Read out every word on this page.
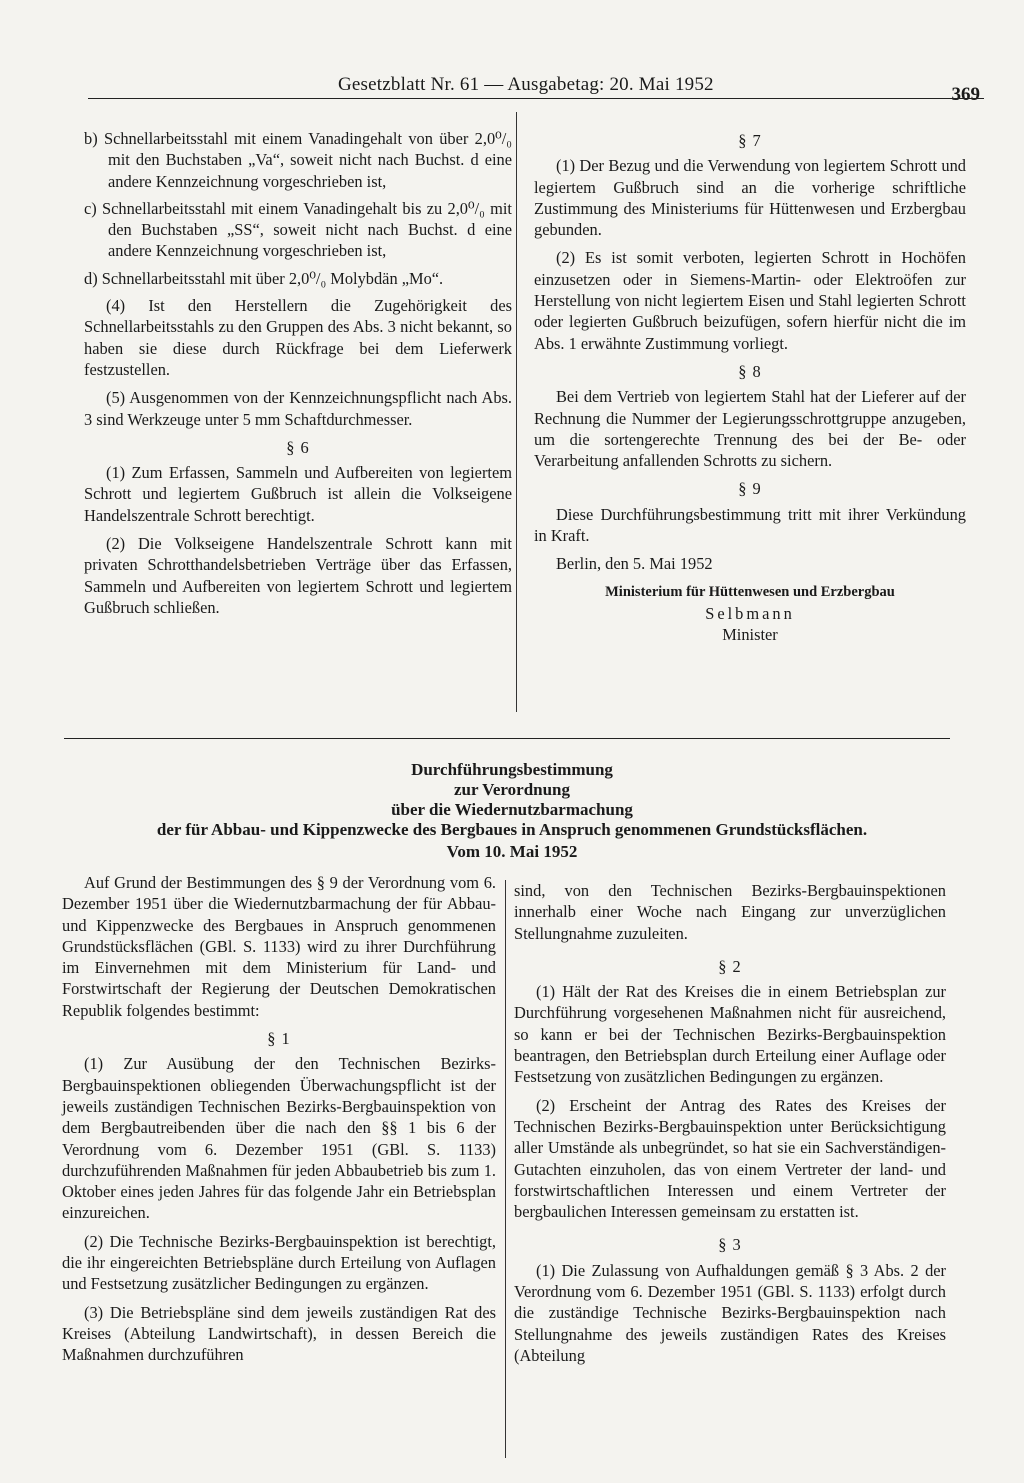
Gesetzblatt Nr. 61 — Ausgabetag: 20. Mai 1952	369

b) Schnellarbeitsstahl mit einem Vanadingehalt von über 2,0⁰/₀ mit den Buchstaben „Va“, soweit nicht nach Buchst. d eine andere Kennzeichnung vorgeschrieben ist,

c) Schnellarbeitsstahl mit einem Vanadingehalt bis zu 2,0⁰/₀ mit den Buchstaben „SS“, soweit nicht nach Buchst. d eine andere Kennzeichnung vorgeschrieben ist,

d) Schnellarbeitsstahl mit über 2,0⁰/₀ Molybdän „Mo“.

(4) Ist den Herstellern die Zugehörigkeit des Schnellarbeitsstahls zu den Gruppen des Abs. 3 nicht bekannt, so haben sie diese durch Rückfrage bei dem Lieferwerk festzustellen.

(5) Ausgenommen von der Kennzeichnungspflicht nach Abs. 3 sind Werkzeuge unter 5 mm Schaftdurchmesser.

§ 6

(1) Zum Erfassen, Sammeln und Aufbereiten von legiertem Schrott und legiertem Gußbruch ist allein die Volkseigene Handelszentrale Schrott berechtigt.

(2) Die Volkseigene Handelszentrale Schrott kann mit privaten Schrotthandelsbetrieben Verträge über das Erfassen, Sammeln und Aufbereiten von legiertem Schrott und legiertem Gußbruch schließen.

§ 7

(1) Der Bezug und die Verwendung von legiertem Schrott und legiertem Gußbruch sind an die vorherige schriftliche Zustimmung des Ministeriums für Hüttenwesen und Erzbergbau gebunden.

(2) Es ist somit verboten, legierten Schrott in Hochöfen einzusetzen oder in Siemens-Martin- oder Elektroöfen zur Herstellung von nicht legiertem Eisen und Stahl legierten Schrott oder legierten Gußbruch beizufügen, sofern hierfür nicht die im Abs. 1 erwähnte Zustimmung vorliegt.

§ 8

Bei dem Vertrieb von legiertem Stahl hat der Lieferer auf der Rechnung die Nummer der Legierungsschrottgruppe anzugeben, um die sortengerechte Trennung des bei der Be- oder Verarbeitung anfallenden Schrotts zu sichern.

§ 9

Diese Durchführungsbestimmung tritt mit ihrer Verkündung in Kraft.

Berlin, den 5. Mai 1952

Ministerium für Hüttenwesen und Erzbergbau
Selbmann
Minister
Durchführungsbestimmung
zur Verordnung
über die Wiedernutzbarmachung
der für Abbau- und Kippenzwecke des Bergbaues in Anspruch genommenen Grundstücksflächen.
Vom 10. Mai 1952

Auf Grund der Bestimmungen des § 9 der Verordnung vom 6. Dezember 1951 über die Wiedernutzbarmachung der für Abbau- und Kippenzwecke des Bergbaues in Anspruch genommenen Grundstücksflächen (GBl. S. 1133) wird zu ihrer Durchführung im Einvernehmen mit dem Ministerium für Land- und Forstwirtschaft der Regierung der Deutschen Demokratischen Republik folgendes bestimmt:

§ 1

(1) Zur Ausübung der den Technischen Bezirks-Bergbauinspektionen obliegenden Überwachungspflicht ist der jeweils zuständigen Technischen Bezirks-Bergbauinspektion von dem Bergbautreibenden über die nach den §§ 1 bis 6 der Verordnung vom 6. Dezember 1951 (GBl. S. 1133) durchzuführenden Maßnahmen für jeden Abbaubetrieb bis zum 1. Oktober eines jeden Jahres für das folgende Jahr ein Betriebsplan einzureichen.

(2) Die Technische Bezirks-Bergbauinspektion ist berechtigt, die ihr eingereichten Betriebspläne durch Erteilung von Auflagen und Festsetzung zusätzlicher Bedingungen zu ergänzen.

(3) Die Betriebspläne sind dem jeweils zuständigen Rat des Kreises (Abteilung Landwirtschaft), in dessen Bereich die Maßnahmen durchzuführen

sind, von den Technischen Bezirks-Bergbauinspektionen innerhalb einer Woche nach Eingang zur unverzüglichen Stellungnahme zuzuleiten.

§ 2

(1) Hält der Rat des Kreises die in einem Betriebsplan zur Durchführung vorgesehenen Maßnahmen nicht für ausreichend, so kann er bei der Technischen Bezirks-Bergbauinspektion beantragen, den Betriebsplan durch Erteilung einer Auflage oder Festsetzung von zusätzlichen Bedingungen zu ergänzen.

(2) Erscheint der Antrag des Rates des Kreises der Technischen Bezirks-Bergbauinspektion unter Berücksichtigung aller Umstände als unbegründet, so hat sie ein Sachverständigen-Gutachten einzuholen, das von einem Vertreter der land- und forstwirtschaftlichen Interessen und einem Vertreter der bergbaulichen Interessen gemeinsam zu erstatten ist.

§ 3

(1) Die Zulassung von Aufhaldungen gemäß § 3 Abs. 2 der Verordnung vom 6. Dezember 1951 (GBl. S. 1133) erfolgt durch die zuständige Technische Bezirks-Bergbauinspektion nach Stellungnahme des jeweils zuständigen Rates des Kreises (Abteilung
